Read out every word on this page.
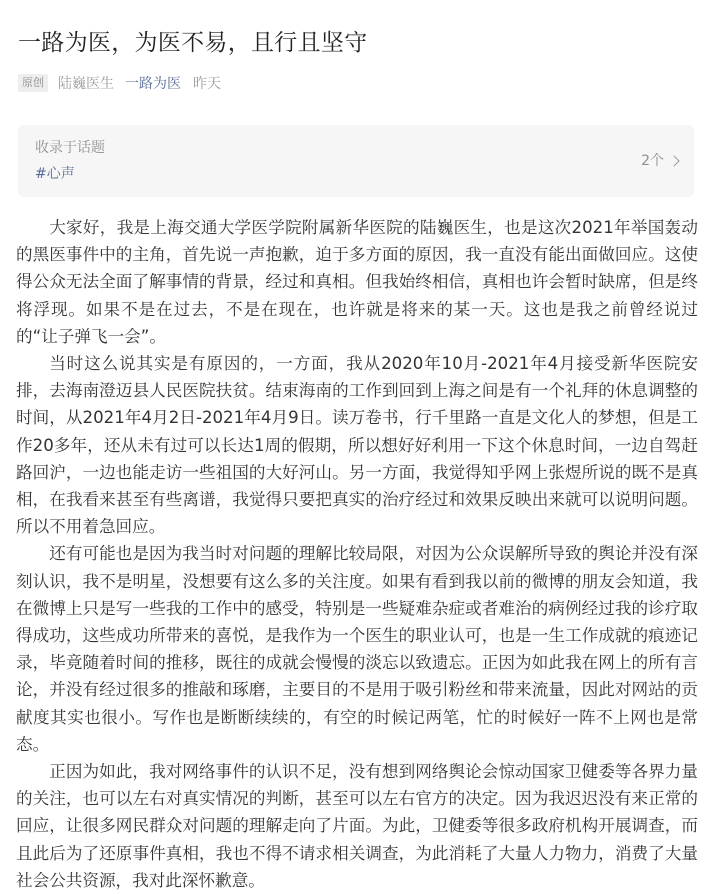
一路为医，为医不易，且行且坚守
原创 陆巍医生 一路为医 昨天
收录于话题
#心声
2个

大家好，我是上海交通大学医学院附属新华医院的陆巍医生，也是这次2021年举国轰动的黑医事件中的主角，首先说一声抱歉，迫于多方面的原因，我一直没有能出面做回应。这使得公众无法全面了解事情的背景，经过和真相。但我始终相信，真相也许会暂时缺席，但是终将浮现。如果不是在过去，不是在现在，也许就是将来的某一天。这也是我之前曾经说过的“让子弹飞一会”。

当时这么说其实是有原因的，一方面，我从2020年10月-2021年4月接受新华医院安排，去海南澄迈县人民医院扶贫。结束海南的工作到回到上海之间是有一个礼拜的休息调整的时间，从2021年4月2日-2021年4月9日。读万卷书，行千里路一直是文化人的梦想，但是工作20多年，还从未有过可以长达1周的假期，所以想好好利用一下这个休息时间，一边自驾赶路回沪，一边也能走访一些祖国的大好河山。另一方面，我觉得知乎网上张煜所说的既不是真相，在我看来甚至有些离谱，我觉得只要把真实的治疗经过和效果反映出来就可以说明问题。所以不用着急回应。

还有可能也是因为我当时对问题的理解比较局限，对因为公众误解所导致的舆论并没有深刻认识，我不是明星，没想要有这么多的关注度。如果有看到我以前的微博的朋友会知道，我在微博上只是写一些我的工作中的感受，特别是一些疑难杂症或者难治的病例经过我的诊疗取得成功，这些成功所带来的喜悦，是我作为一个医生的职业认可，也是一生工作成就的痕迹记录，毕竟随着时间的推移，既往的成就会慢慢的淡忘以致遗忘。正因为如此我在网上的所有言论，并没有经过很多的推敲和琢磨，主要目的不是用于吸引粉丝和带来流量，因此对网站的贡献度其实也很小。写作也是断断续续的，有空的时候记两笔，忙的时候好一阵不上网也是常态。

正因为如此，我对网络事件的认识不足，没有想到网络舆论会惊动国家卫健委等各界力量的关注，也可以左右对真实情况的判断，甚至可以左右官方的决定。因为我迟迟没有来正常的回应，让很多网民群众对问题的理解走向了片面。为此，卫健委等很多政府机构开展调查，而且此后为了还原事件真相，我也不得不请求相关调查，为此消耗了大量人力物力，消费了大量社会公共资源，我对此深怀歉意。
